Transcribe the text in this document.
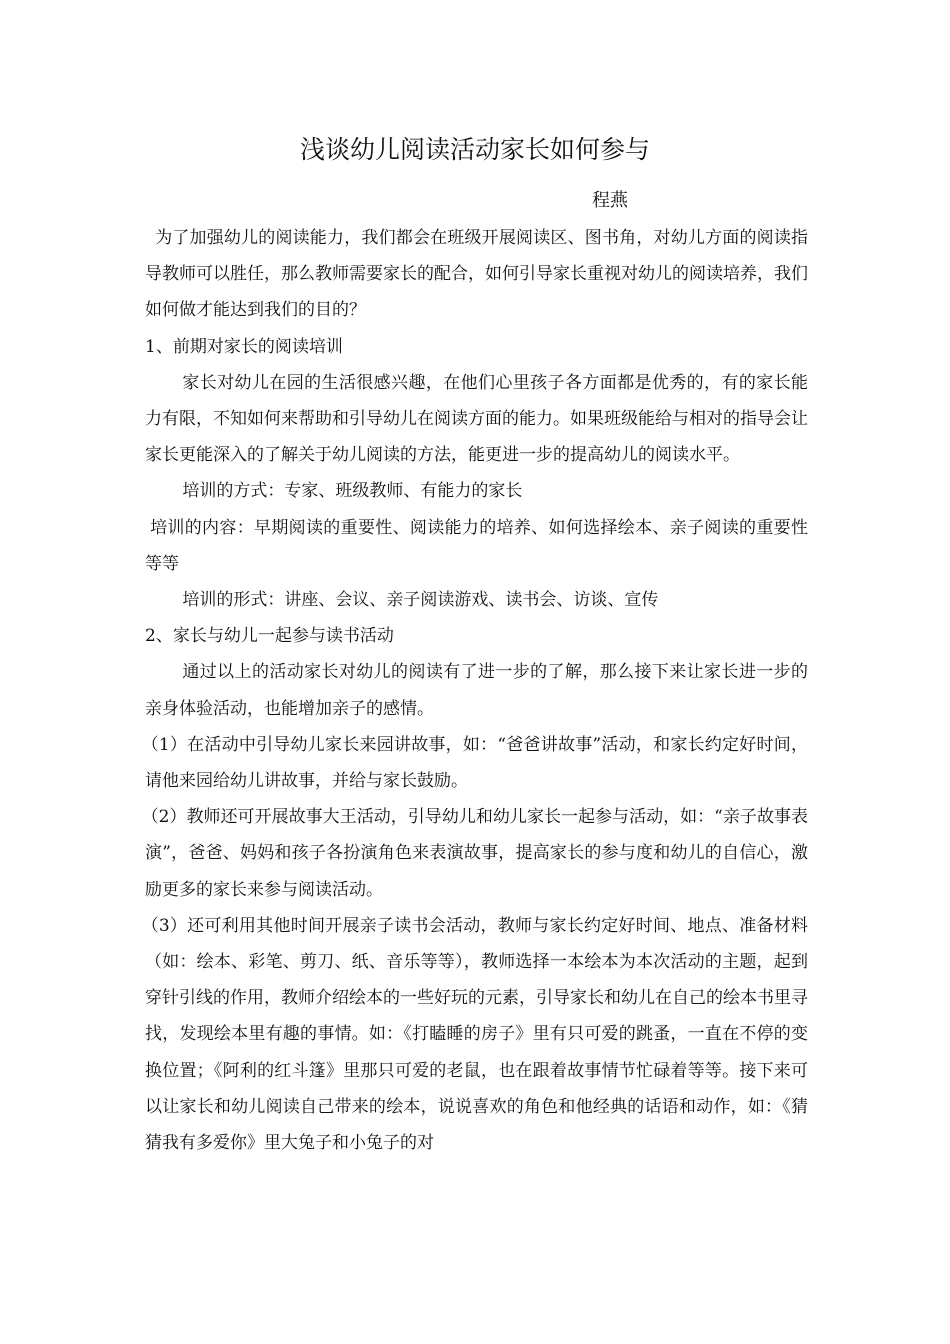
浅谈幼儿阅读活动家长如何参与
程燕

为了加强幼儿的阅读能力，我们都会在班级开展阅读区、图书角，对幼儿方面的阅读指导教师可以胜任，那么教师需要家长的配合，如何引导家长重视对幼儿的阅读培养，我们如何做才能达到我们的目的？

1、前期对家长的阅读培训

家长对幼儿在园的生活很感兴趣，在他们心里孩子各方面都是优秀的，有的家长能力有限，不知如何来帮助和引导幼儿在阅读方面的能力。如果班级能给与相对的指导会让家长更能深入的了解关于幼儿阅读的方法，能更进一步的提高幼儿的阅读水平。

培训的方式：专家、班级教师、有能力的家长

培训的内容：早期阅读的重要性、阅读能力的培养、如何选择绘本、亲子阅读的重要性等等

培训的形式：讲座、会议、亲子阅读游戏、读书会、访谈、宣传

2、家长与幼儿一起参与读书活动

通过以上的活动家长对幼儿的阅读有了进一步的了解，那么接下来让家长进一步的亲身体验活动，也能增加亲子的感情。

（1）在活动中引导幼儿家长来园讲故事，如：“爸爸讲故事”活动，和家长约定好时间，请他来园给幼儿讲故事，并给与家长鼓励。

（2）教师还可开展故事大王活动，引导幼儿和幼儿家长一起参与活动，如：“亲子故事表演”，爸爸、妈妈和孩子各扮演角色来表演故事，提高家长的参与度和幼儿的自信心，激励更多的家长来参与阅读活动。

（3）还可利用其他时间开展亲子读书会活动，教师与家长约定好时间、地点、准备材料（如：绘本、彩笔、剪刀、纸、音乐等等），教师选择一本绘本为本次活动的主题，起到穿针引线的作用，教师介绍绘本的一些好玩的元素，引导家长和幼儿在自己的绘本书里寻找，发现绘本里有趣的事情。如：《打瞌睡的房子》里有只可爱的跳蚤，一直在不停的变换位置；《阿利的红斗篷》里那只可爱的老鼠，也在跟着故事情节忙碌着等等。接下来可以让家长和幼儿阅读自己带来的绘本，说说喜欢的角色和他经典的话语和动作，如：《猜猜我有多爱你》里大兔子和小兔子的对
